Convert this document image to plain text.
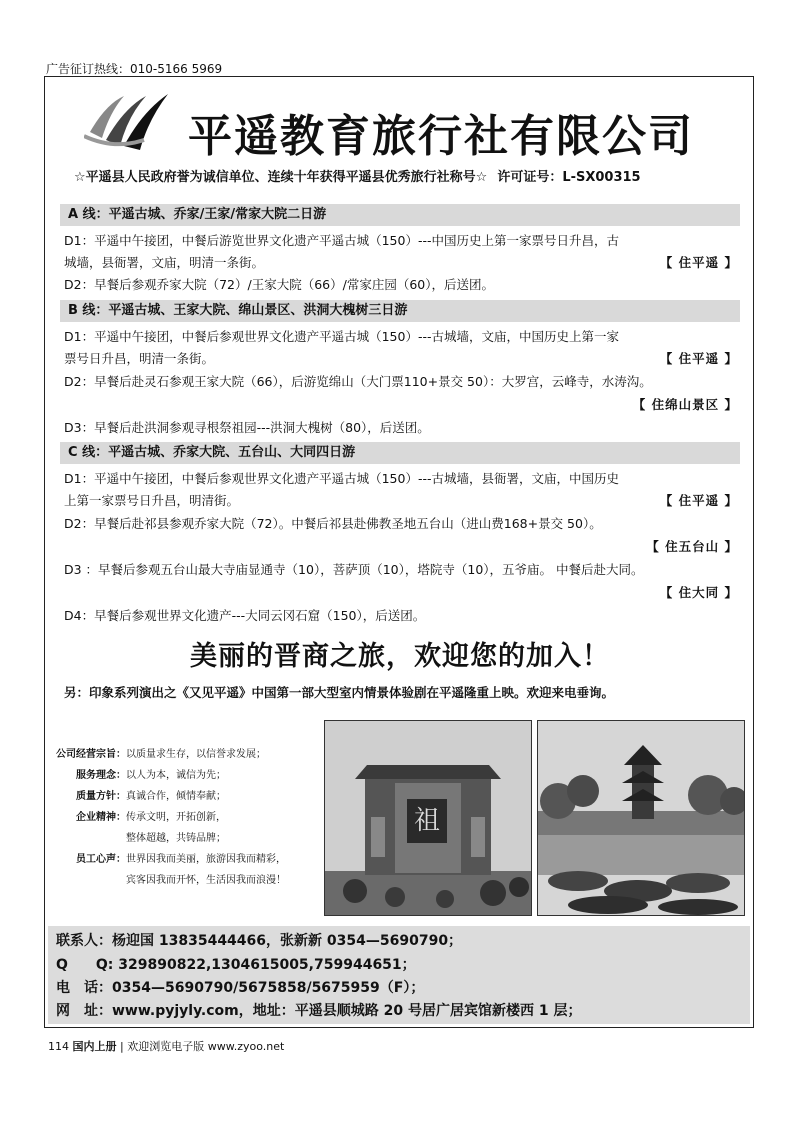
广告征订热线：010-5166 5969
平遥教育旅行社有限公司
☆平遥县人民政府誉为诚信单位、连续十年获得平遥县优秀旅行社称号☆ 许可证号：L-SX00315
A 线：平遥古城、乔家/王家/常家大院二日游
D1：平遥中午接团，中餐后游览世界文化遗产平遥古城（150）---中国历史上第一家票号日升昌，古
城墙，县衙署，文庙，明清一条街。	【 住平遥 】
D2：早餐后参观乔家大院（72）/王家大院（66）/常家庄园（60），后送团。
B 线：平遥古城、王家大院、绵山景区、洪洞大槐树三日游
D1：平遥中午接团，中餐后参观世界文化遗产平遥古城（150）---古城墙，文庙，中国历史上第一家
票号日升昌，明清一条街。	【 住平遥 】
D2：早餐后赴灵石参观王家大院（66），后游览绵山（大门票110+景交 50）：大罗宫，云峰寺，水涛沟。
【 住绵山景区 】
D3：早餐后赴洪洞参观寻根祭祖园---洪洞大槐树（80），后送团。
C 线：平遥古城、乔家大院、五台山、大同四日游
D1：平遥中午接团，中餐后参观世界文化遗产平遥古城（150）---古城墙，县衙署，文庙，中国历史
上第一家票号日升昌，明清街。	【 住平遥 】
D2：早餐后赴祁县参观乔家大院（72）。中餐后祁县赴佛教圣地五台山（进山费168+景交 50）。
【 住五台山 】
D3 ：早餐后参观五台山最大寺庙显通寺（10），菩萨顶（10），塔院寺（10），五爷庙。 中餐后赴大同。
【 住大同 】
D4：早餐后参观世界文化遗产---大同云冈石窟（150），后送团。
美丽的晋商之旅，欢迎您的加入！
另：印象系列演出之《又见平遥》中国第一部大型室内情景体验剧在平遥隆重上映。欢迎来电垂询。
公司经营宗旨： 以质量求生存，以信誉求发展；
服务理念： 以人为本，诚信为先；
质量方针： 真诚合作，倾情奉献；
企业精神： 传承文明，开拓创新，
整体超越，共铸品牌；
员工心声： 世界因我而美丽，旅游因我而精彩，
宾客因我而开怀，生活因我而浪漫！
祖
联系人：杨迎国 13835444466，张新新 0354—5690790；
Q　　Q: 329890822,1304615005,759944651；
电　话：0354—5690790/5675858/5675959（F）；
网　址：www.pyjyly.com，地址：平遥县顺城路 20 号居广居宾馆新楼西 1 层；
114 国内上册 | 欢迎浏览电子版 www.zyoo.net
